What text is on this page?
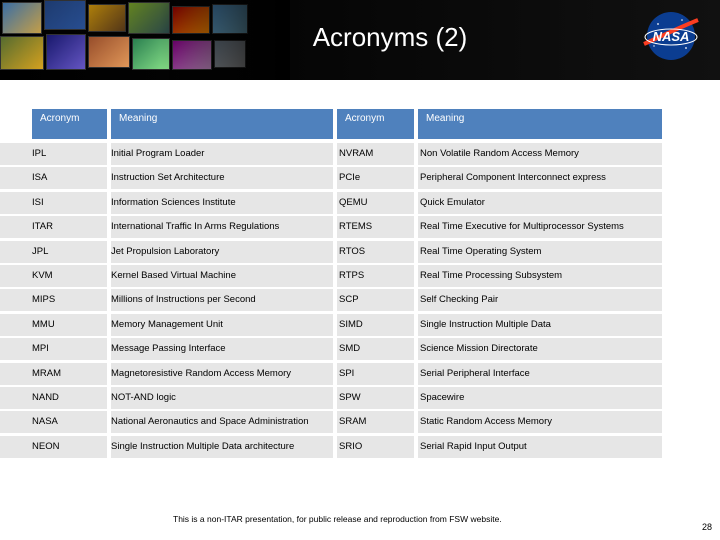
Acronyms (2)	NASA
Acronym	Meaning	Acronym	Meaning
IPL	Initial Program Loader	NVRAM	Non Volatile Random Access Memory
ISA	Instruction Set Architecture	PCIe	Peripheral Component Interconnect express
ISI	Information Sciences Institute	QEMU	Quick Emulator
ITAR	International Traffic In Arms Regulations	RTEMS	Real Time Executive for Multiprocessor Systems
JPL	Jet Propulsion Laboratory	RTOS	Real Time Operating System
KVM	Kernel Based Virtual Machine	RTPS	Real Time Processing Subsystem
MIPS	Millions of Instructions per Second	SCP	Self Checking Pair
MMU	Memory Management Unit	SIMD	Single Instruction Multiple Data
MPI	Message Passing Interface	SMD	Science Mission Directorate
MRAM	Magnetoresistive Random Access Memory	SPI	Serial Peripheral Interface
NAND	NOT-AND logic	SPW	Spacewire
NASA	National Aeronautics and Space Administration	SRAM	Static Random Access Memory
NEON	Single Instruction Multiple Data architecture	SRIO	Serial Rapid Input Output
This is a non-ITAR presentation, for public release and reproduction from FSW website.
28
